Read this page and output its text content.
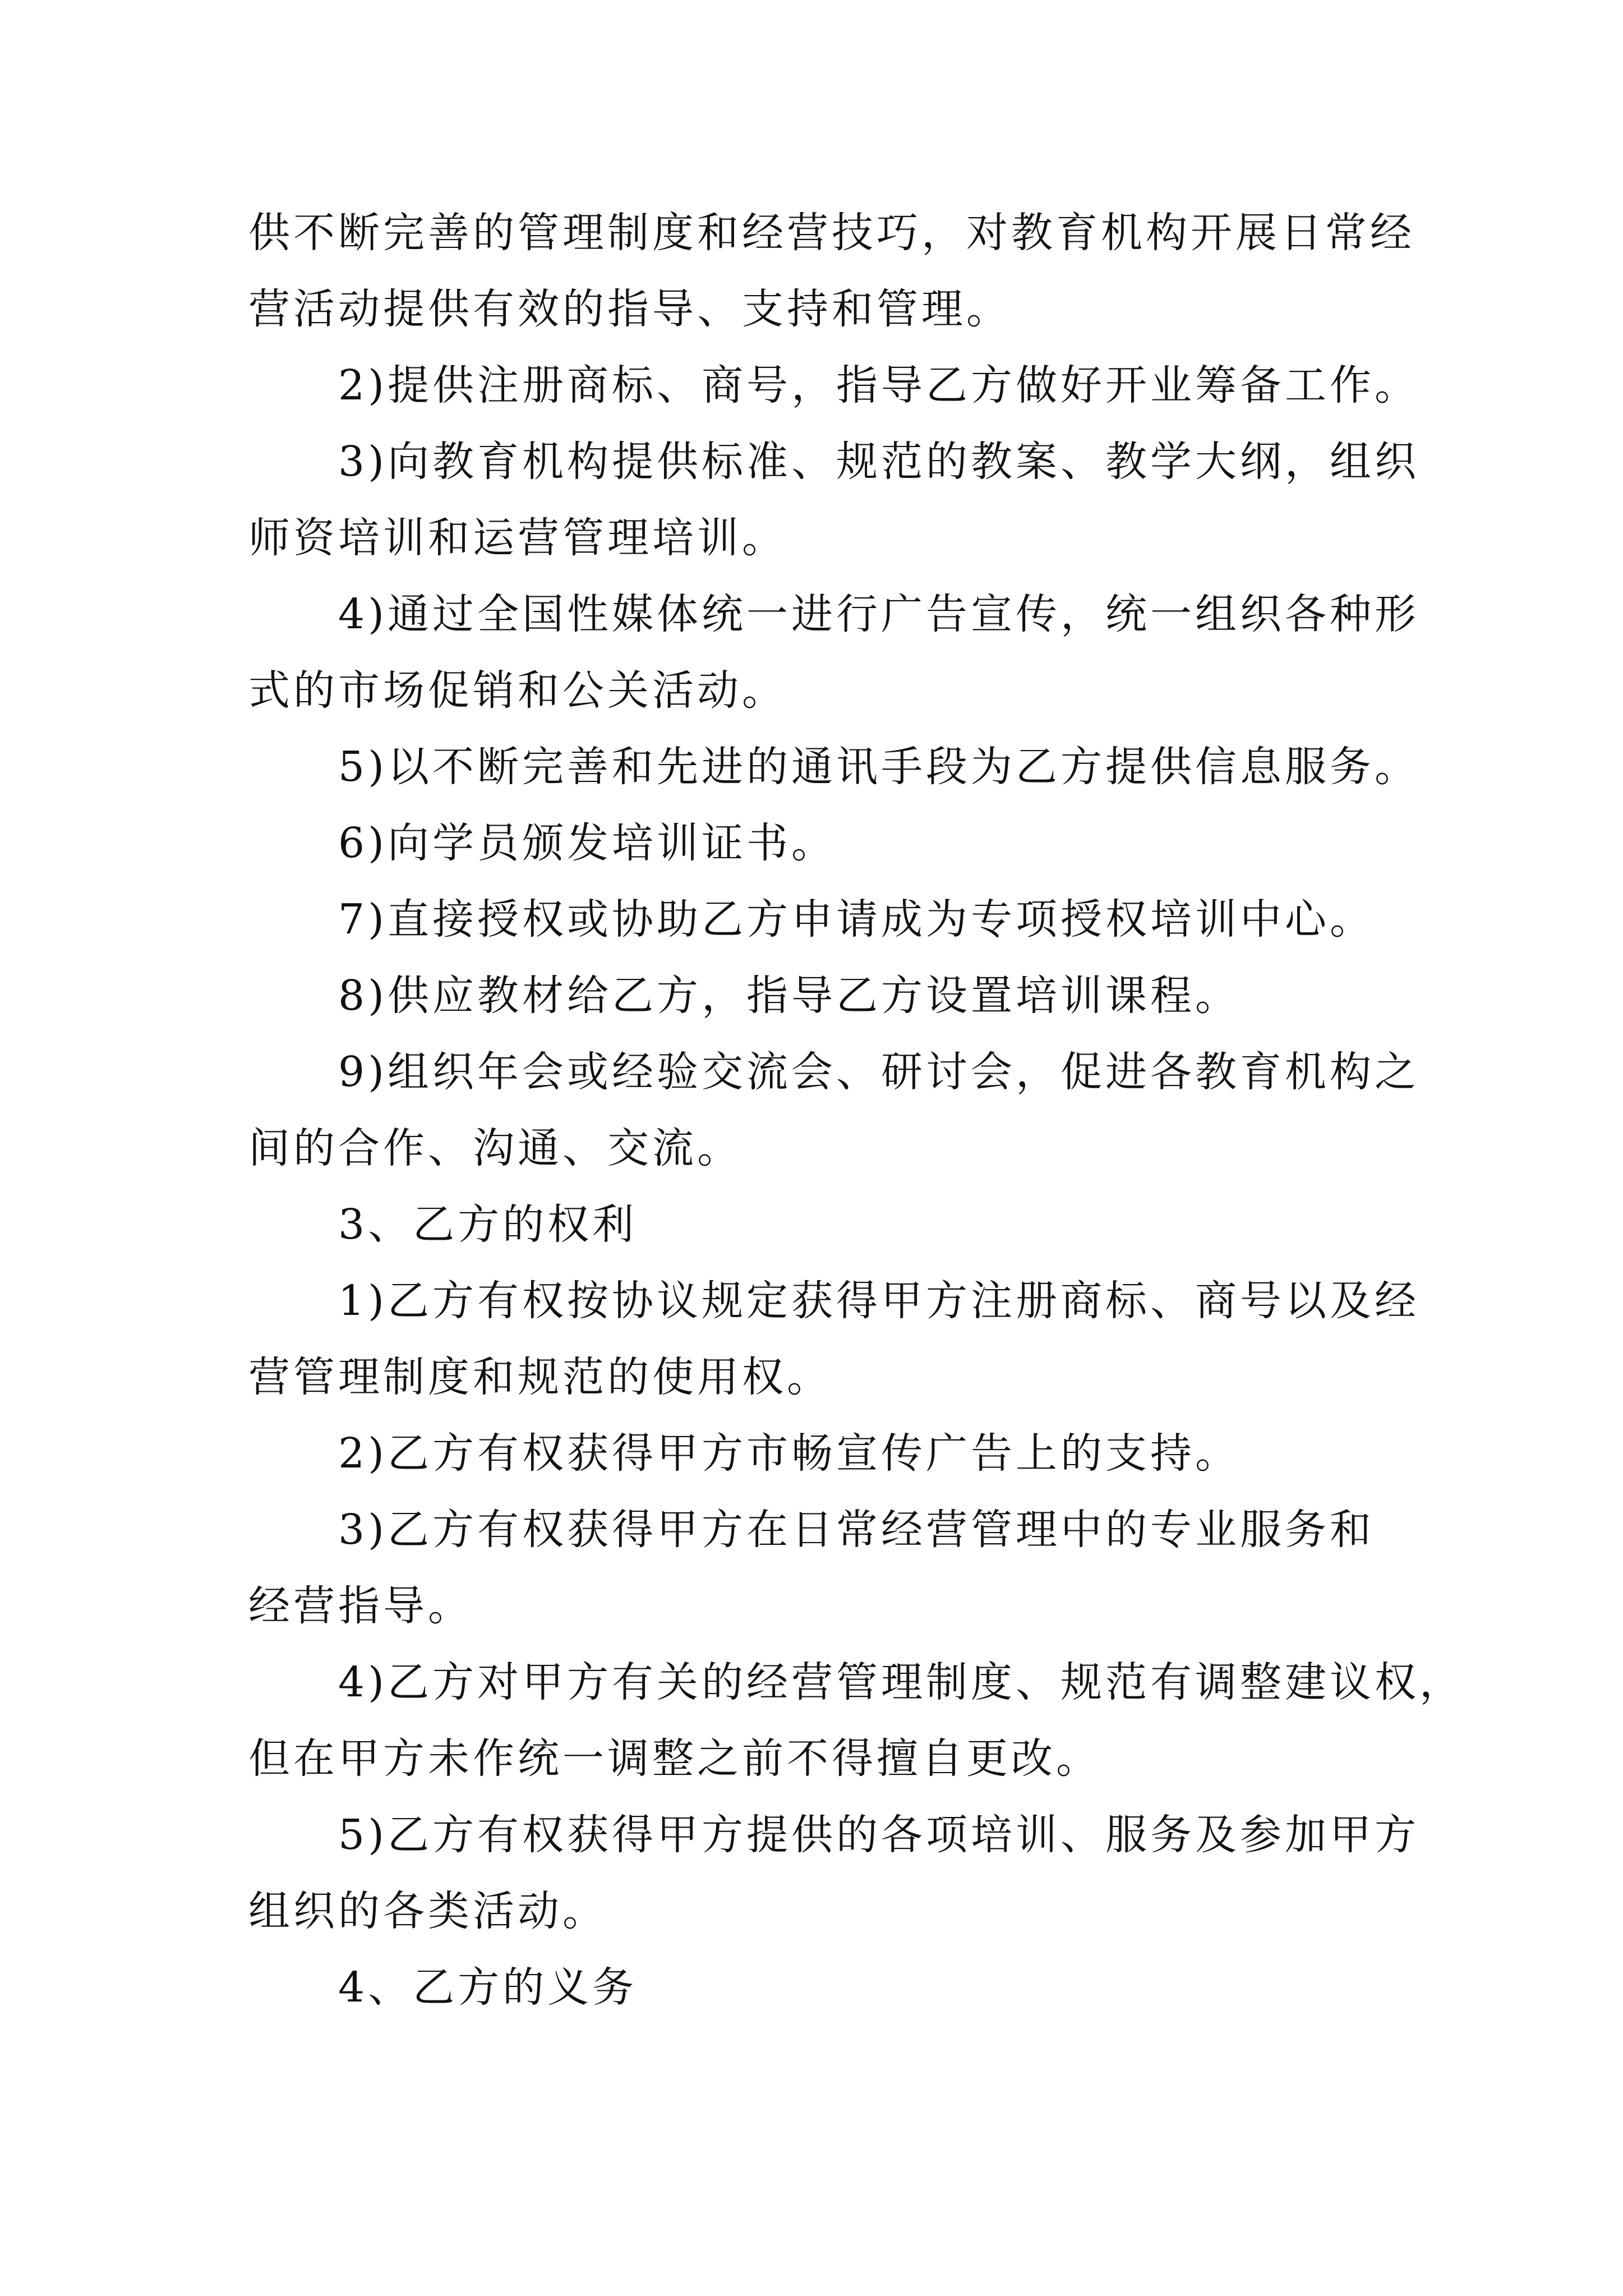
供不断完善的管理制度和经营技巧，对教育机构开展日常经
营活动提供有效的指导、支持和管理。
2)提供注册商标、商号，指导乙方做好开业筹备工作。
3)向教育机构提供标准、规范的教案、教学大纲，组织
师资培训和运营管理培训。
4)通过全国性媒体统一进行广告宣传，统一组织各种形
式的市场促销和公关活动。
5)以不断完善和先进的通讯手段为乙方提供信息服务。
6)向学员颁发培训证书。
7)直接授权或协助乙方申请成为专项授权培训中心。
8)供应教材给乙方，指导乙方设置培训课程。
9)组织年会或经验交流会、研讨会，促进各教育机构之
间的合作、沟通、交流。
3、乙方的权利
1)乙方有权按协议规定获得甲方注册商标、商号以及经
营管理制度和规范的使用权。
2)乙方有权获得甲方市畅宣传广告上的支持。
3)乙方有权获得甲方在日常经营管理中的专业服务和
经营指导。
4)乙方对甲方有关的经营管理制度、规范有调整建议权，
但在甲方未作统一调整之前不得擅自更改。
5)乙方有权获得甲方提供的各项培训、服务及参加甲方
组织的各类活动。
4、乙方的义务
